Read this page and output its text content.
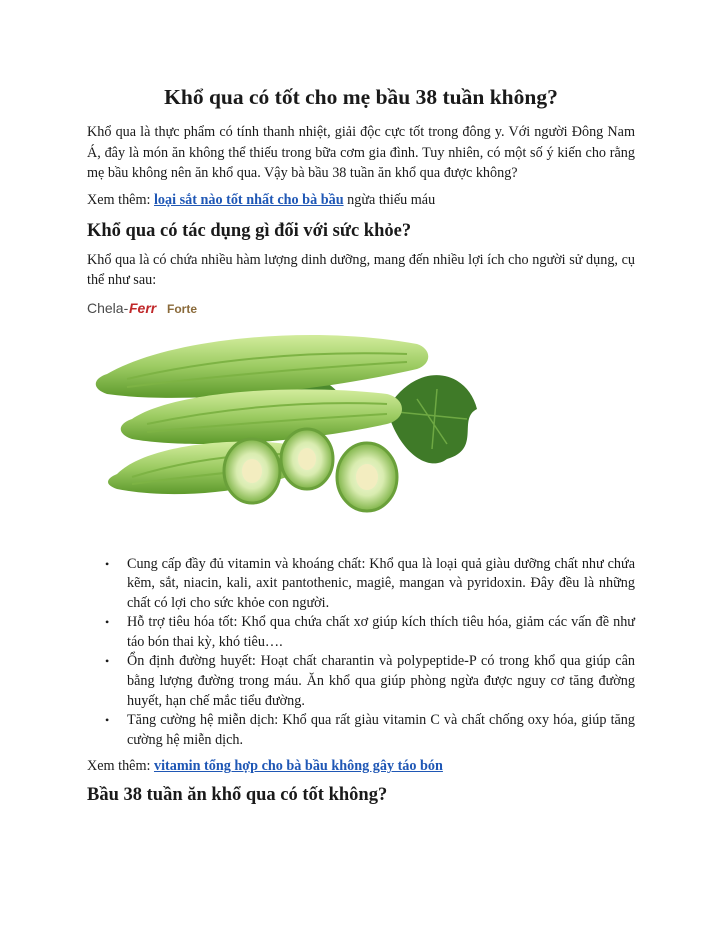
Khổ qua có tốt cho mẹ bầu 38 tuần không?

Khổ qua là thực phẩm có tính thanh nhiệt, giải độc cực tốt trong đông y. Với người Đông Nam Á, đây là món ăn không thể thiếu trong bữa cơm gia đình. Tuy nhiên, có một số ý kiến cho rằng mẹ bầu không nên ăn khổ qua. Vậy bà bầu 38 tuần ăn khổ qua được không?

Xem thêm: loại sắt nào tốt nhất cho bà bầu ngừa thiếu máu
Khổ qua có tác dụng gì đối với sức khỏe?

Khổ qua là có chứa nhiều hàm lượng dinh dưỡng, mang đến nhiều lợi ích cho người sử dụng, cụ thể như sau:

Chela- Ferr Forte
• Cung cấp đầy đủ vitamin và khoáng chất: Khổ qua là loại quả giàu dưỡng chất như chứa kẽm, sắt, niacin, kali, axit pantothenic, magiê, mangan và pyridoxin. Đây đều là những chất có lợi cho sức khỏe con người.
• Hỗ trợ tiêu hóa tốt: Khổ qua chứa chất xơ giúp kích thích tiêu hóa, giảm các vấn đề như táo bón thai kỳ, khó tiêu….
• Ổn định đường huyết: Hoạt chất charantin và polypeptide-P có trong khổ qua giúp cân bằng lượng đường trong máu. Ăn khổ qua giúp phòng ngừa được nguy cơ tăng đường huyết, hạn chế mắc tiểu đường.
• Tăng cường hệ miễn dịch: Khổ qua rất giàu vitamin C và chất chống oxy hóa, giúp tăng cường hệ miễn dịch.
Xem thêm: vitamin tổng hợp cho bà bầu không gây táo bón
Bầu 38 tuần ăn khổ qua có tốt không?
